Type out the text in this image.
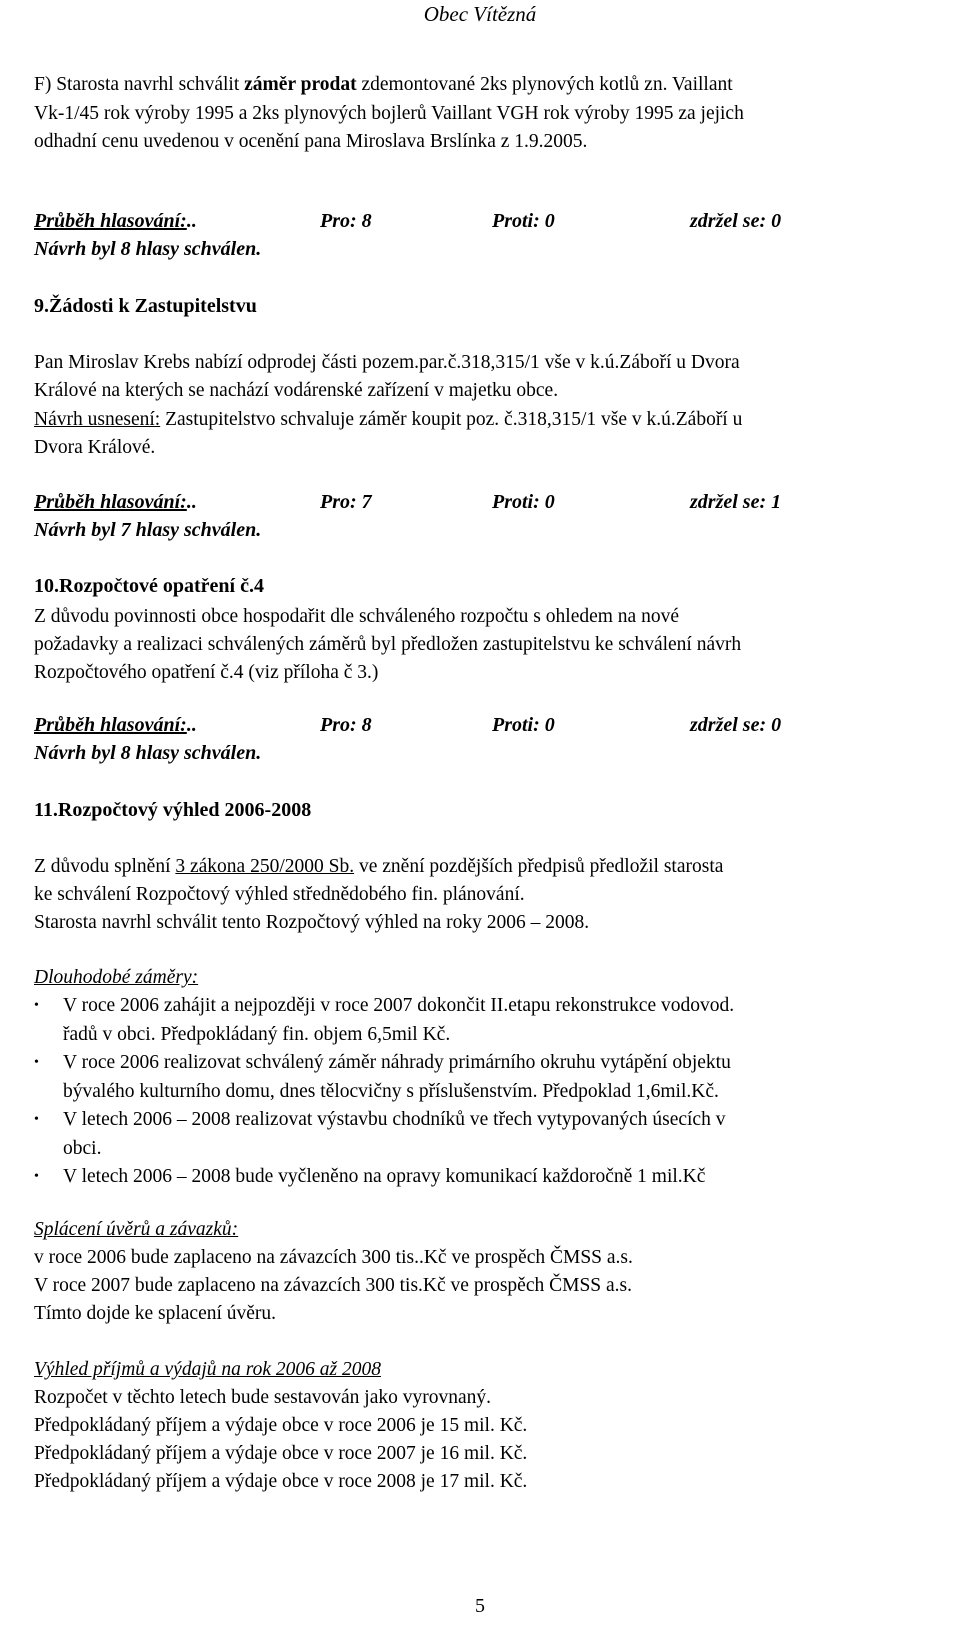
Obec Vítězná
F) Starosta navrhl schválit záměr prodat zdemontované 2ks plynových kotlů zn. Vaillant
Vk-1/45 rok výroby 1995 a 2ks plynových bojlerů Vaillant VGH rok výroby 1995 za jejich
odhadní cenu uvedenou v ocenění pana Miroslava Brslínka z 1.9.2005.
Průběh hlasování:..	Pro: 8	Proti: 0	zdržel se: 0
Návrh byl 8 hlasy schválen.
9.Žádosti k Zastupitelstvu
Pan Miroslav Krebs nabízí odprodej části pozem.par.č.318,315/1 vše v k.ú.Záboří u Dvora
Králové na kterých se nachází vodárenské zařízení v majetku obce.
Návrh usnesení: Zastupitelstvo schvaluje záměr koupit poz. č.318,315/1 vše v k.ú.Záboří u
Dvora Králové.
Průběh hlasování:..	Pro: 7	Proti: 0	zdržel se: 1
Návrh byl 7 hlasy schválen.
10.Rozpočtové opatření č.4
Z důvodu povinnosti obce hospodařit dle schváleného rozpočtu s ohledem na nové
požadavky a realizaci schválených záměrů byl předložen zastupitelstvu ke schválení návrh
Rozpočtového opatření č.4 (viz příloha č 3.)
Průběh hlasování:..	Pro: 8	Proti: 0	zdržel se: 0
Návrh byl 8 hlasy schválen.
11.Rozpočtový výhled 2006-2008
Z důvodu splnění 3 zákona 250/2000 Sb. ve znění pozdějších předpisů předložil starosta
ke schválení Rozpočtový výhled střednědobého fin. plánování.
Starosta navrhl schválit tento Rozpočtový výhled na roky 2006 – 2008.
Dlouhodobé záměry:
• V roce 2006 zahájit a nejpozději v roce 2007 dokončit II.etapu rekonstrukce vodovod.
řadů v obci. Předpokládaný fin. objem 6,5mil Kč.
• V roce 2006 realizovat schválený záměr náhrady primárního okruhu vytápění objektu
bývalého kulturního domu, dnes tělocvičny s příslušenstvím. Předpoklad 1,6mil.Kč.
• V letech 2006 – 2008 realizovat výstavbu chodníků ve třech vytypovaných úsecích v
obci.
• V letech 2006 – 2008 bude vyčleněno na opravy komunikací každoročně 1 mil.Kč
Splácení úvěrů a závazků:
v roce 2006 bude zaplaceno na závazcích 300 tis..Kč ve prospěch ČMSS a.s.
V roce 2007 bude zaplaceno na závazcích 300 tis.Kč ve prospěch ČMSS a.s.
Tímto dojde ke splacení úvěru.
Výhled příjmů a výdajů na rok 2006 až 2008
Rozpočet v těchto letech bude sestavován jako vyrovnaný.
Předpokládaný příjem a výdaje obce v roce 2006 je 15 mil. Kč.
Předpokládaný příjem a výdaje obce v roce 2007 je 16 mil. Kč.
Předpokládaný příjem a výdaje obce v roce 2008 je 17 mil. Kč.
5
